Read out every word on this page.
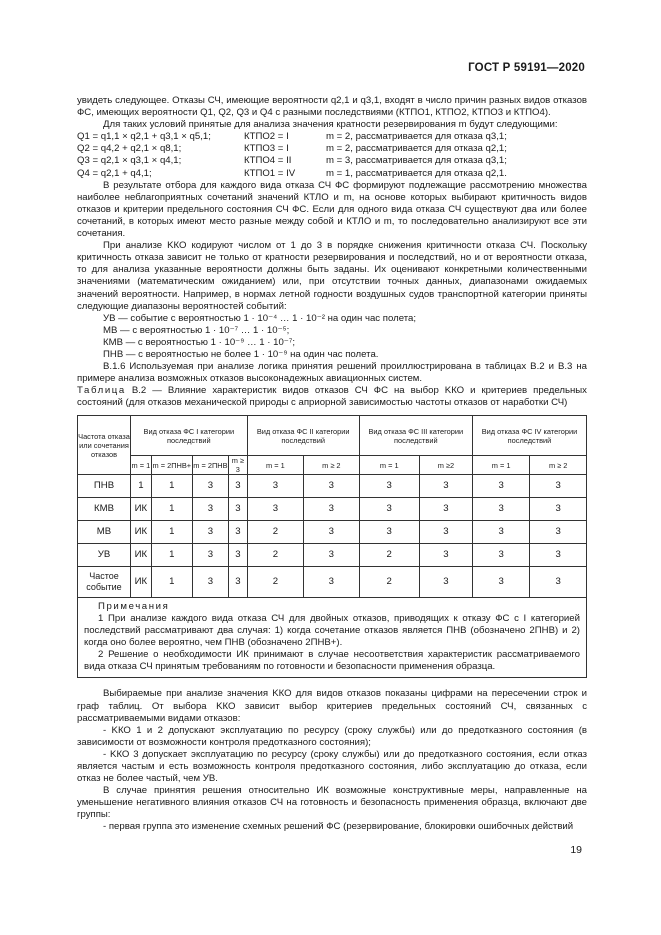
ГОСТ Р 59191—2020

увидеть следующее. Отказы СЧ, имеющие вероятности q2,1 и q3,1, входят в число причин разных видов отказов ФС, имеющих вероятности Q1, Q2, Q3 и Q4 с разными последствиями (КТПО1, КТПО2, КТПО3 и КТПО4).

Для таких условий принятые для анализа значения кратности резервирования m будут следующими:

Q1 = q1,1 × q2,1 + q3,1 × q5,1;	КТПО2 = I	m = 2, рассматривается для отказа q3,1;
Q2 = q4,2 + q2,1 × q8,1;	КТПО3 = I	m = 2, рассматривается для отказа q2,1;
Q3 = q2,1 × q3,1 × q4,1;	КТПО4 = II	m = 3, рассматривается для отказа q3,1;
Q4 = q2,1 + q4,1;	КТПО1 = IV	m = 1, рассматривается для отказа q2,1.

В результате отбора для каждого вида отказа СЧ ФС формируют подлежащие рассмотрению множества наиболее неблагоприятных сочетаний значений КТЛО и m, на основе которых выбирают критичность видов отказов и критерии предельного состояния СЧ ФС. Если для одного вида отказа СЧ существуют два или более сочетаний, в которых имеют место разные между собой и КТЛО и m, то последовательно анализируют все эти сочетания.

При анализе KКО кодируют числом от 1 до 3 в порядке снижения критичности отказа СЧ. Поскольку критичность отказа зависит не только от кратности резервирования и последствий, но и от вероятности отказа, то для анализа указанные вероятности должны быть заданы. Их оценивают конкретными количественными значениями (математическим ожиданием) или, при отсутствии точных данных, диапазонами ожидаемых значений вероятности. Например, в нормах летной годности воздушных судов транспортной категории приняты следующие диапазоны вероятностей событий:

УВ — событие с вероятностью 1 · 10⁻⁴ … 1 · 10⁻² на один час полета;

МВ — с вероятностью 1 · 10⁻⁷ … 1 · 10⁻⁵;

КМВ — с вероятностью 1 · 10⁻⁹ … 1 · 10⁻⁷;

ПНВ — с вероятностью не более 1 · 10⁻⁹ на один час полета.

В.1.6 Используемая при анализе логика принятия решений проиллюстрирована в таблицах В.2 и В.3 на примере анализа возможных отказов высоконадежных авиационных систем.

Таблица В.2 — Влияние характеристик видов отказов СЧ ФС на выбор KКО и критериев предельных состояний (для отказов механической природы с априорной зависимостью частоты отказов от наработки СЧ)

Частота отказа или сочетания отказов	Вид отказа ФС I категории последствий				Вид отказа ФС II категории последствий		Вид отказа ФС III категории последствий		Вид отказа ФС IV категории последствий	
	m = 1	m = 2ПНВ+	m = 2ПНВ	m ≥ 3	m = 1	m ≥ 2	m = 1	m ≥2	m = 1	m ≥ 2
ПНВ	1	1	3	3	3	3	3	3	3	3
КМВ	ИК	1	3	3	3	3	3	3	3	3
МВ	ИК	1	3	3	2	3	3	3	3	3
УВ	ИК	1	3	3	2	3	2	3	3	3
Частое событие	ИК	1	3	3	2	3	2	3	3	3

Примечания

1 При анализе каждого вида отказа СЧ для двойных отказов, приводящих к отказу ФС с I категорией последствий рассматривают два случая: 1) когда сочетание отказов является ПНВ (обозначено 2ПНВ) и 2) когда оно более вероятно, чем ПНВ (обозначено 2ПНВ+).

2 Решение о необходимости ИК принимают в случае несоответствия характеристик рассматриваемого вида отказа СЧ принятым требованиям по готовности и безопасности применения образца.

Выбираемые при анализе значения KКО для видов отказов показаны цифрами на пересечении строк и граф таблиц. От выбора KКО зависит выбор критериев предельных состояний СЧ, связанных с рассматриваемыми видами отказов:

- KКО 1 и 2 допускают эксплуатацию по ресурсу (сроку службы) или до предотказного состояния (в зависимости от возможности контроля предотказного состояния);

- KКО 3 допускает эксплуатацию по ресурсу (сроку службы) или до предотказного состояния, если отказ является частым и есть возможность контроля предотказного состояния, либо эксплуатацию до отказа, если отказ не более частый, чем УВ.

В случае принятия решения относительно ИК возможные конструктивные меры, направленные на уменьшение негативного влияния отказов СЧ на готовность и безопасность применения образца, включают две группы:

- первая группа это изменение схемных решений ФС (резервирование, блокировки ошибочных действий

19
